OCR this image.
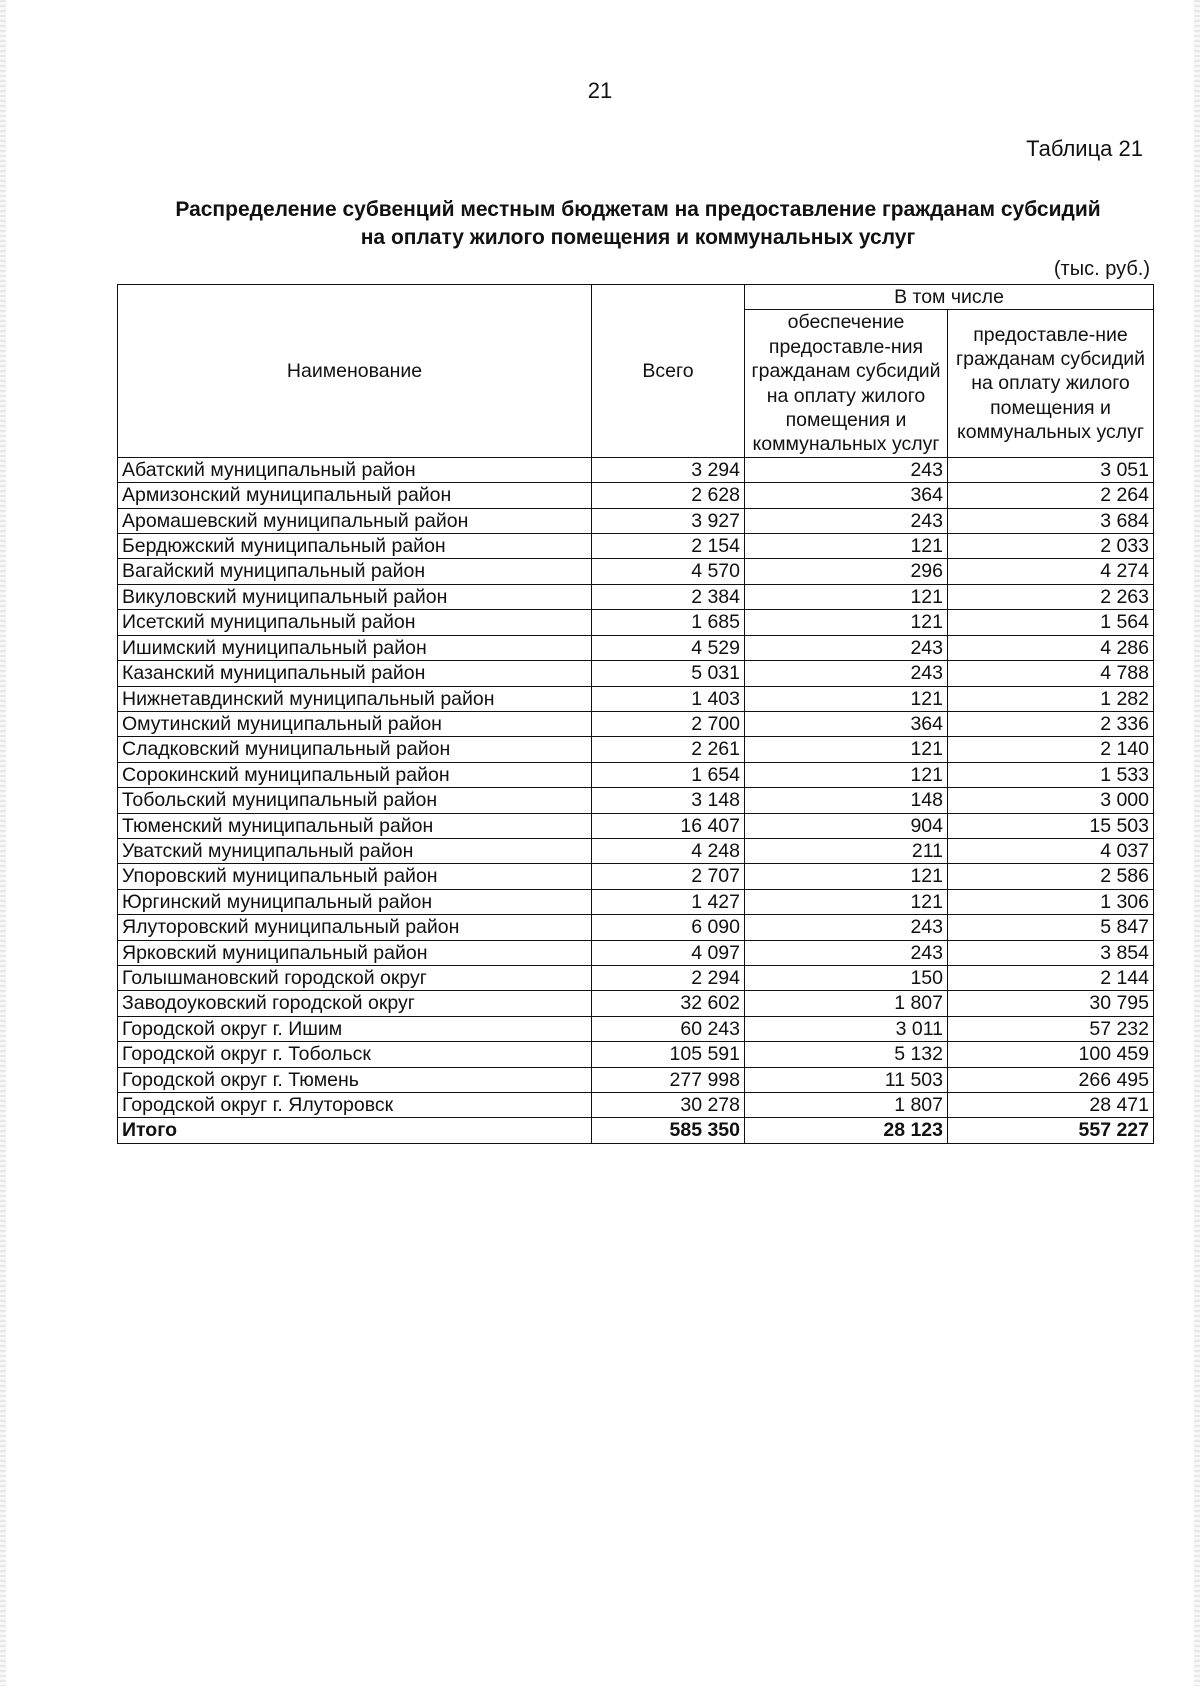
21
Таблица 21
Распределение субвенций местным бюджетам на предоставление гражданам субсидий
на оплату жилого помещения и коммунальных услуг
(тыс. руб.)
Наименование	Всего	В том числе	
		обеспечение предоставле-ния гражданам субсидий на оплату жилого помещения и коммунальных услуг	предоставле-ние гражданам субсидий на оплату жилого помещения и коммунальных услуг
Абатский муниципальный район	3 294	243	3 051
Армизонский муниципальный район	2 628	364	2 264
Аромашевский муниципальный район	3 927	243	3 684
Бердюжский муниципальный район	2 154	121	2 033
Вагайский муниципальный район	4 570	296	4 274
Викуловский муниципальный район	2 384	121	2 263
Исетский муниципальный район	1 685	121	1 564
Ишимский муниципальный район	4 529	243	4 286
Казанский муниципальный район	5 031	243	4 788
Нижнетавдинский муниципальный район	1 403	121	1 282
Омутинский муниципальный район	2 700	364	2 336
Сладковский муниципальный район	2 261	121	2 140
Сорокинский муниципальный район	1 654	121	1 533
Тобольский муниципальный район	3 148	148	3 000
Тюменский муниципальный район	16 407	904	15 503
Уватский муниципальный район	4 248	211	4 037
Упоровский муниципальный район	2 707	121	2 586
Юргинский муниципальный район	1 427	121	1 306
Ялуторовский муниципальный район	6 090	243	5 847
Ярковский муниципальный район	4 097	243	3 854
Голышмановский городской округ	2 294	150	2 144
Заводоуковский городской округ	32 602	1 807	30 795
Городской округ г. Ишим	60 243	3 011	57 232
Городской округ г. Тобольск	105 591	5 132	100 459
Городской округ г. Тюмень	277 998	11 503	266 495
Городской округ г. Ялуторовск	30 278	1 807	28 471
Итого	585 350	28 123	557 227
